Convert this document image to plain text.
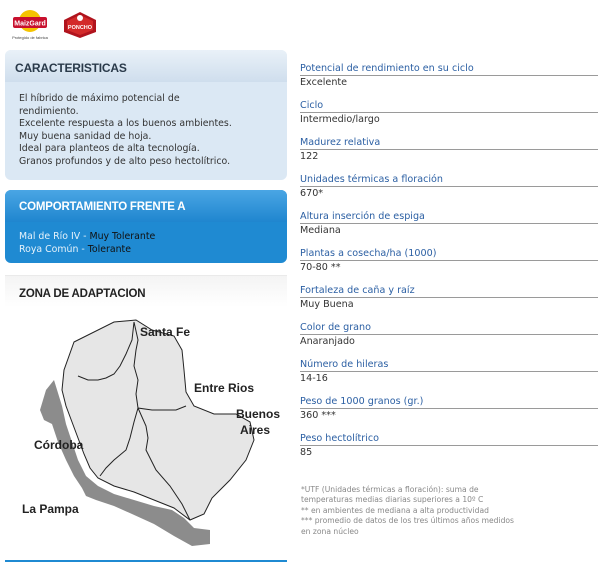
MaizGard
Protegido de fabrica
PONCHO
CARACTERISTICAS
El híbrido de máximo potencial de
rendimiento.
Excelente respuesta a los buenos ambientes.
Muy buena sanidad de hoja.
Ideal para planteos de alta tecnología.
Granos profundos y de alto peso hectolítrico.
COMPORTAMIENTO FRENTE A
Mal de Río IV - Muy Tolerante
Roya Común - Tolerante
ZONA DE ADAPTACION
Santa Fe
Entre Rios
Buenos
Aires
Córdoba
La Pampa
Potencial de rendimiento en su ciclo
Excelente
Ciclo
Intermedio/largo
Madurez relativa
122
Unidades térmicas a floración
670*
Altura inserción de espiga
Mediana
Plantas a cosecha/ha (1000)
70-80 **
Fortaleza de caña y raíz
Muy Buena
Color de grano
Anaranjado
Número de hileras
14-16
Peso de 1000 granos (gr.)
360 ***
Peso hectolítrico
85
*UTF (Unidades térmicas a floración): suma de
temperaturas medias diarias superiores a 10º C
** en ambientes de mediana a alta productividad
*** promedio de datos de los tres últimos años medidos
en zona núcleo
